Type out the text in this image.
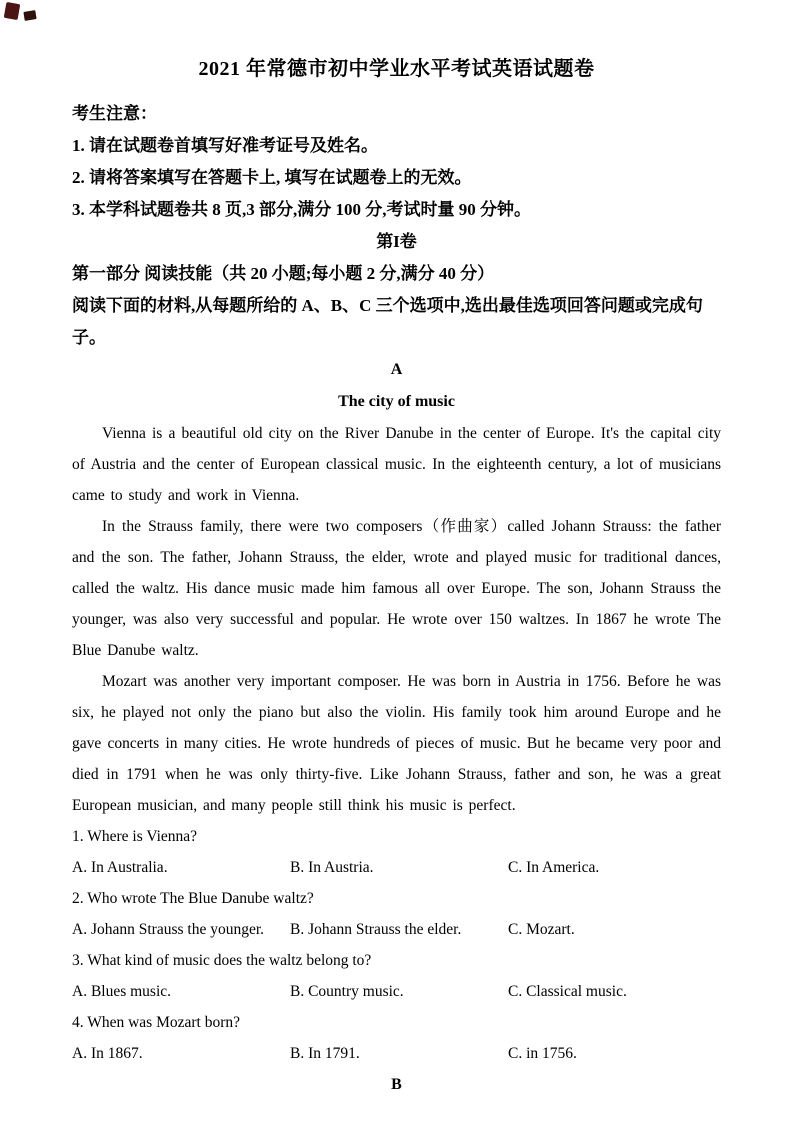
2021 年常德市初中学业水平考试英语试题卷

考生注意：

1. 请在试题卷首填写好准考证号及姓名。

2. 请将答案填写在答题卡上, 填写在试题卷上的无效。

3. 本学科试题卷共 8 页,3 部分,满分 100 分,考试时量 90 分钟。

第I卷

第一部分 阅读技能（共 20 小题;每小题 2 分,满分 40 分）

阅读下面的材料,从每题所给的 A、B、C 三个选项中,选出最佳选项回答问题或完成句子。

A

The city of music

Vienna is a beautiful old city on the River Danube in the center of Europe. It's the capital city of Austria and the center of European classical music. In the eighteenth century, a lot of musicians came to study and work in Vienna.

In the Strauss family, there were two composers（作曲家）called Johann Strauss: the father and the son. The father, Johann Strauss, the elder, wrote and played music for traditional dances, called the waltz. His dance music made him famous all over Europe. The son, Johann Strauss the younger, was also very successful and popular. He wrote over 150 waltzes. In 1867 he wrote The Blue Danube waltz.

Mozart was another very important composer. He was born in Austria in 1756. Before he was six, he played not only the piano but also the violin. His family took him around Europe and he gave concerts in many cities. He wrote hundreds of pieces of music. But he became very poor and died in 1791 when he was only thirty-five. Like Johann Strauss, father and son, he was a great European musician, and many people still think his music is perfect.

1. Where is Vienna?

A. In Australia.	B. In Austria.	C. In America.

2. Who wrote The Blue Danube waltz?

A. Johann Strauss the younger.	B. Johann Strauss the elder.	C. Mozart.

3. What kind of music does the waltz belong to?

A. Blues music.	B. Country music.	C. Classical music.

4. When was Mozart born?

A. In 1867.	B. In 1791.	C. in 1756.

B
